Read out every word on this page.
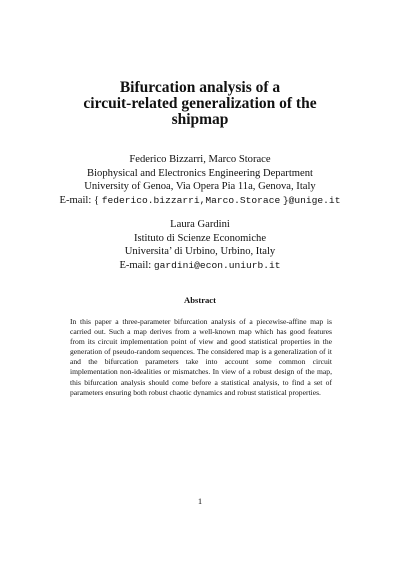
Bifurcation analysis of a
circuit-related generalization of the
shipmap
Federico Bizzarri, Marco Storace
Biophysical and Electronics Engineering Department
University of Genoa, Via Opera Pia 11a, Genova, Italy
E-mail: { federico.bizzarri,Marco.Storace }@unige.it
Laura Gardini
Istituto di Scienze Economiche
Universita’ di Urbino, Urbino, Italy
E-mail: gardini@econ.uniurb.it
Abstract
In this paper a three-parameter bifurcation analysis of a piecewise-affine map is carried out. Such a map derives from a well-known map which has good features from its circuit implementation point of view and good statistical properties in the generation of pseudo-random sequences. The considered map is a generalization of it and the bifurcation parameters take into account some common circuit implementation non-idealities or mismatches. In view of a robust design of the map, this bifurcation analysis should come before a statistical analysis, to find a set of parameters ensuring both robust chaotic dynamics and robust statistical properties.
1
